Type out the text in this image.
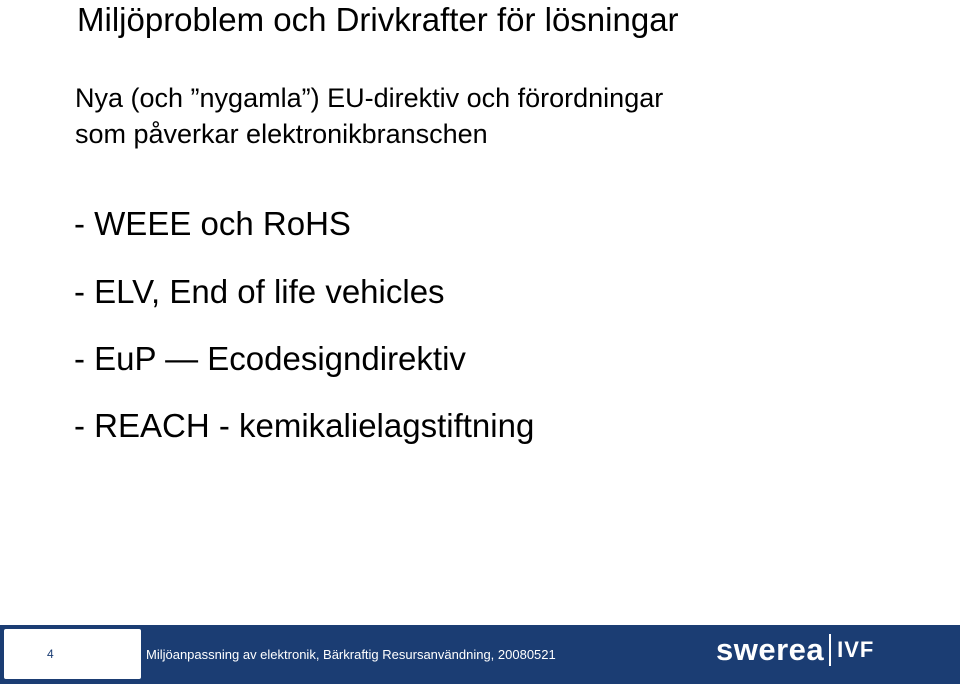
Miljöproblem och Drivkrafter för lösningar
Nya (och ”nygamla”) EU-direktiv och förordningar
som påverkar elektronikbranschen
- WEEE och RoHS
- ELV, End of life vehicles
- EuP — Ecodesigndirektiv
- REACH - kemikalielagstiftning
4	Miljöanpassning av elektronik, Bärkraftig Resursanvändning, 20080521	swerea IVF
